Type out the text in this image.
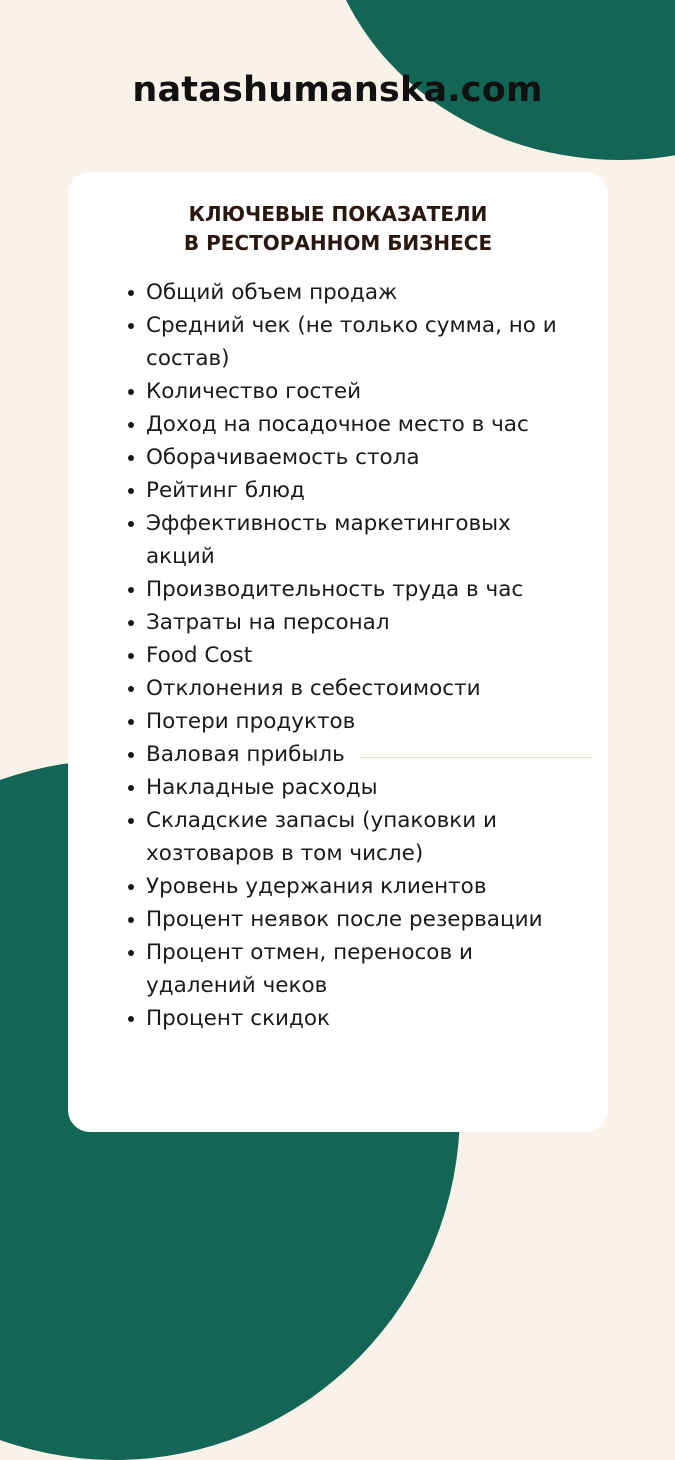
natashumanska.com
КЛЮЧЕВЫЕ ПОКАЗАТЕЛИ
В РЕСТОРАННОМ БИЗНЕСЕ
Общий объем продаж
Средний чек (не только сумма, но и состав)
Количество гостей
Доход на посадочное место в час
Оборачиваемость стола
Рейтинг блюд
Эффективность маркетинговых акций
Производительность труда в час
Затраты на персонал
Food Cost
Отклонения в себестоимости
Потери продуктов
Валовая прибыль
Накладные расходы
Складские запасы (упаковки и хозтоваров в том числе)
Уровень удержания клиентов
Процент неявок после резервации
Процент отмен, переносов и удалений чеков
Процент скидок
